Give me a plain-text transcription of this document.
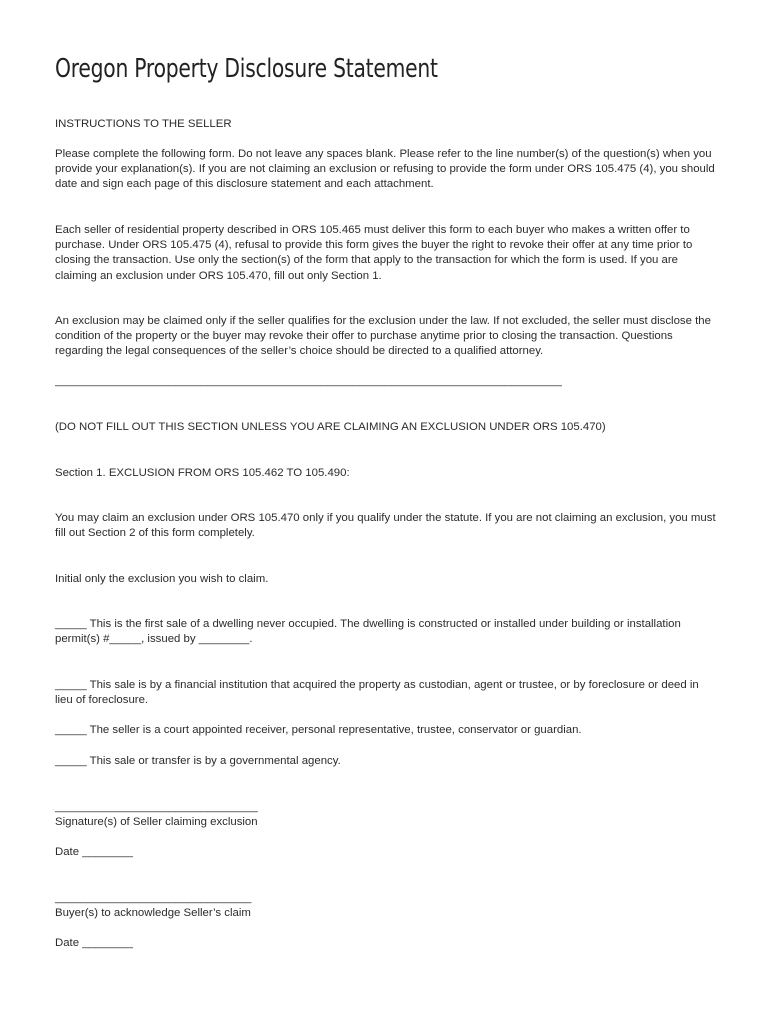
Oregon Property Disclosure Statement

INSTRUCTIONS TO THE SELLER

Please complete the following form. Do not leave any spaces blank. Please refer to the line number(s) of the question(s) when you provide your explanation(s). If you are not claiming an exclusion or refusing to provide the form under ORS 105.475 (4), you should date and sign each page of this disclosure statement and each attachment.

Each seller of residential property described in ORS 105.465 must deliver this form to each buyer who makes a written offer to purchase. Under ORS 105.475 (4), refusal to provide this form gives the buyer the right to revoke their offer at any time prior to closing the transaction. Use only the section(s) of the form that apply to the transaction for which the form is used. If you are claiming an exclusion under ORS 105.470, fill out only Section 1.

An exclusion may be claimed only if the seller qualifies for the exclusion under the law. If not excluded, the seller must disclose the condition of the property or the buyer may revoke their offer to purchase anytime prior to closing the transaction. Questions regarding the legal consequences of the seller’s choice should be directed to a qualified attorney.

________________________________________________________________________________

(DO NOT FILL OUT THIS SECTION UNLESS YOU ARE CLAIMING AN EXCLUSION UNDER ORS 105.470)

Section 1. EXCLUSION FROM ORS 105.462 TO 105.490:

You may claim an exclusion under ORS 105.470 only if you qualify under the statute. If you are not claiming an exclusion, you must fill out Section 2 of this form completely.

Initial only the exclusion you wish to claim.

_____ This is the first sale of a dwelling never occupied. The dwelling is constructed or installed under building or installation permit(s) #_____, issued by ________.

_____ This sale is by a financial institution that acquired the property as custodian, agent or trustee, or by foreclosure or deed in lieu of foreclosure.

_____ The seller is a court appointed receiver, personal representative, trustee, conservator or guardian.

_____ This sale or transfer is by a governmental agency.

________________________________

Signature(s) of Seller claiming exclusion

Date ________

_______________________________

Buyer(s) to acknowledge Seller’s claim

Date ________
